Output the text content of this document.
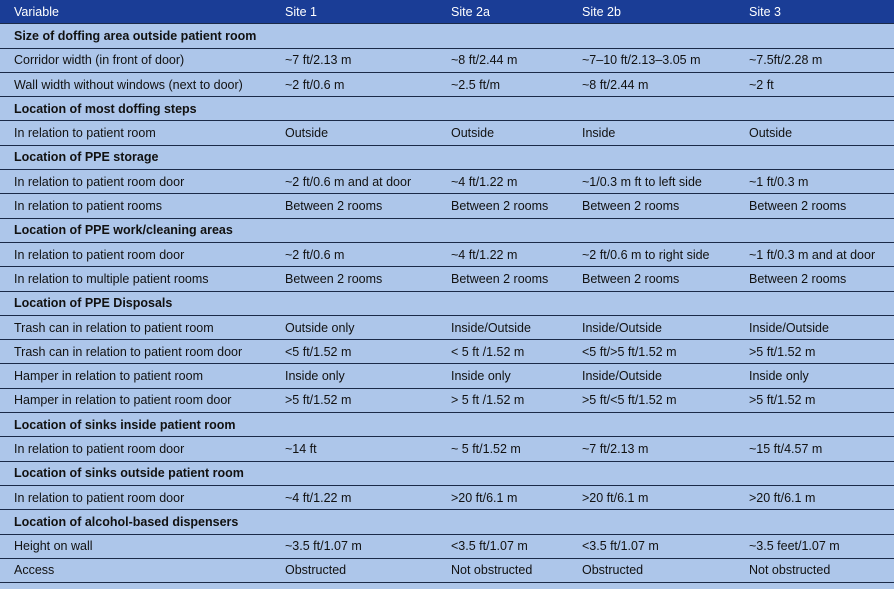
Variable	Site 1	Site 2a	Site 2b	Site 3
Size of doffing area outside patient room				
Corridor width (in front of door)	~7 ft/2.13 m	~8 ft/2.44 m	~7–10 ft/2.13–3.05 m	~7.5ft/2.28 m
Wall width without windows (next to door)	~2 ft/0.6 m	~2.5 ft/m	~8 ft/2.44 m	~2 ft
Location of most doffing steps				
In relation to patient room	Outside	Outside	Inside	Outside
Location of PPE storage				
In relation to patient room door	~2 ft/0.6 m and at door	~4 ft/1.22 m	~1/0.3 m ft to left side	~1 ft/0.3 m
In relation to patient rooms	Between 2 rooms	Between 2 rooms	Between 2 rooms	Between 2 rooms
Location of PPE work/cleaning areas				
In relation to patient room door	~2 ft/0.6 m	~4 ft/1.22 m	~2 ft/0.6 m to right side	~1 ft/0.3 m and at door
In relation to multiple patient rooms	Between 2 rooms	Between 2 rooms	Between 2 rooms	Between 2 rooms
Location of PPE Disposals				
Trash can in relation to patient room	Outside only	Inside/Outside	Inside/Outside	Inside/Outside
Trash can in relation to patient room door	<5 ft/1.52 m	< 5 ft /1.52 m	<5 ft/>5 ft/1.52 m	>5 ft/1.52 m
Hamper in relation to patient room	Inside only	Inside only	Inside/Outside	Inside only
Hamper in relation to patient room door	>5 ft/1.52 m	> 5 ft /1.52 m	>5 ft/<5 ft/1.52 m	>5 ft/1.52 m
Location of sinks inside patient room				
In relation to patient room door	~14 ft	~ 5 ft/1.52 m	~7 ft/2.13 m	~15 ft/4.57 m
Location of sinks outside patient room				
In relation to patient room door	~4 ft/1.22 m	>20 ft/6.1 m	>20 ft/6.1 m	>20 ft/6.1 m
Location of alcohol-based dispensers				
Height on wall	~3.5 ft/1.07 m	<3.5 ft/1.07 m	<3.5 ft/1.07 m	~3.5 feet/1.07 m
Access	Obstructed	Not obstructed	Obstructed	Not obstructed
